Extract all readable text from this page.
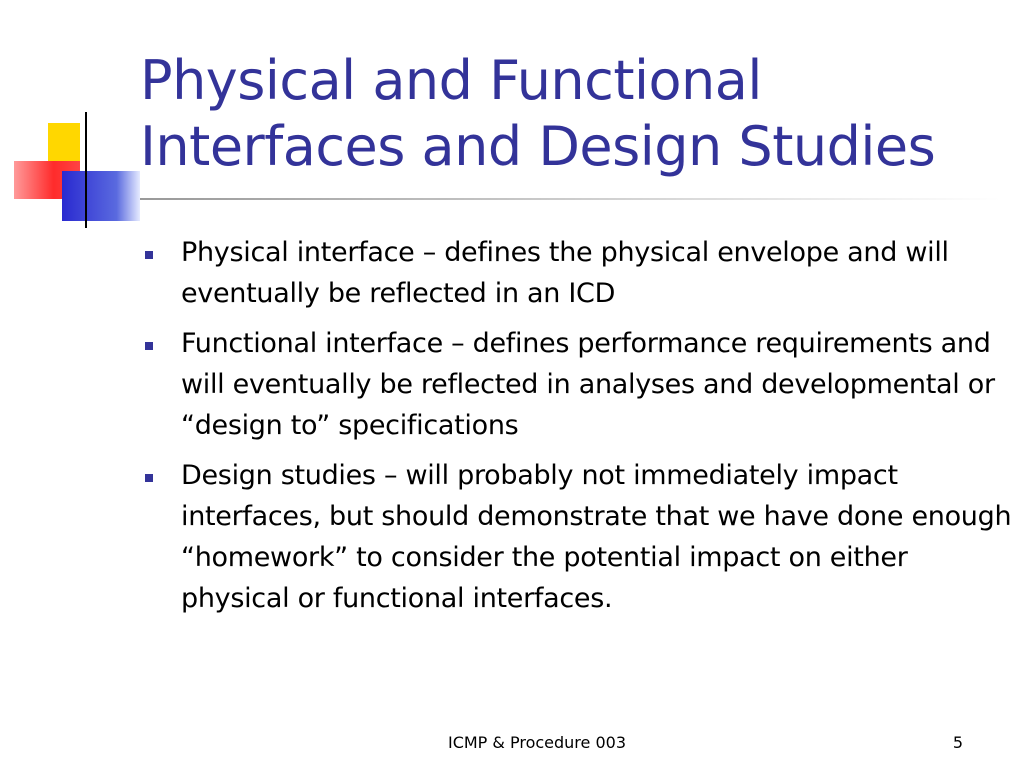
Physical and Functional Interfaces and Design Studies
Physical interface – defines the physical envelope and will eventually be reflected in an ICD
Functional interface – defines performance requirements and will eventually be reflected in analyses and developmental or “design to” specifications
Design studies – will probably not immediately impact interfaces, but should demonstrate that we have done enough “homework” to consider the potential impact on either physical or functional interfaces.
ICMP & Procedure 003	5
